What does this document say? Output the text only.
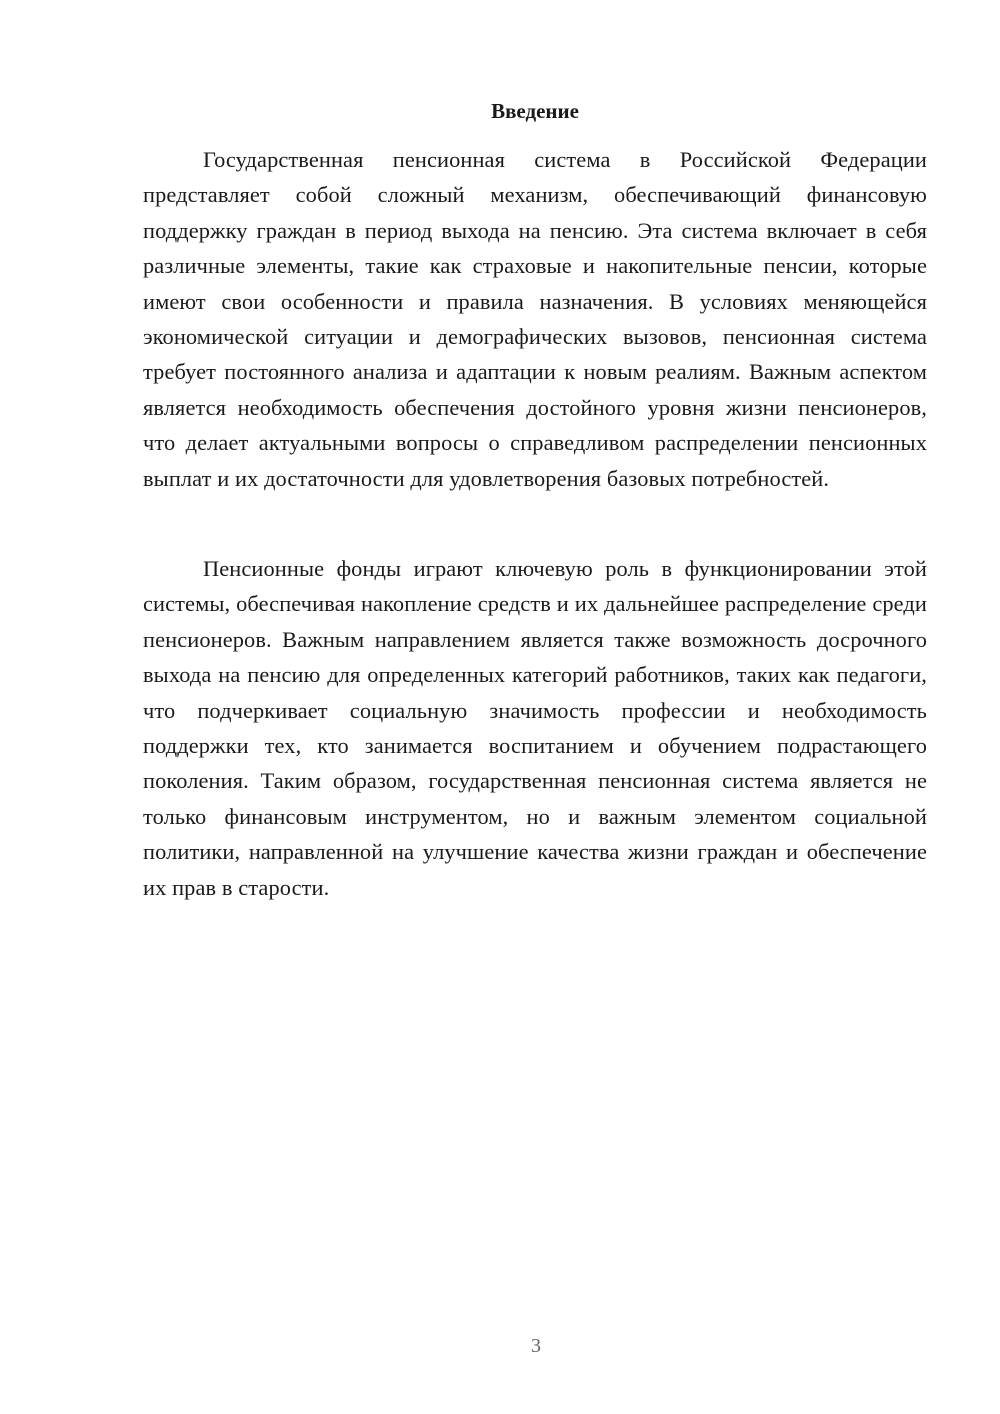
Введение

Государственная пенсионная система в Российской Федерации представляет собой сложный механизм, обеспечивающий финансовую поддержку граждан в период выхода на пенсию. Эта система включает в себя различные элементы, такие как страховые и накопительные пенсии, которые имеют свои особенности и правила назначения. В условиях меняющейся экономической ситуации и демографических вызовов, пенсионная система требует постоянного анализа и адаптации к новым реалиям. Важным аспектом является необходимость обеспечения достойного уровня жизни пенсионеров, что делает актуальными вопросы о справедливом распределении пенсионных выплат и их достаточности для удовлетворения базовых потребностей.

Пенсионные фонды играют ключевую роль в функционировании этой системы, обеспечивая накопление средств и их дальнейшее распределение среди пенсионеров. Важным направлением является также возможность досрочного выхода на пенсию для определенных категорий работников, таких как педагоги, что подчеркивает социальную значимость профессии и необходимость поддержки тех, кто занимается воспитанием и обучением подрастающего поколения. Таким образом, государственная пенсионная система является не только финансовым инструментом, но и важным элементом социальной политики, направленной на улучшение качества жизни граждан и обеспечение их прав в старости.

3
